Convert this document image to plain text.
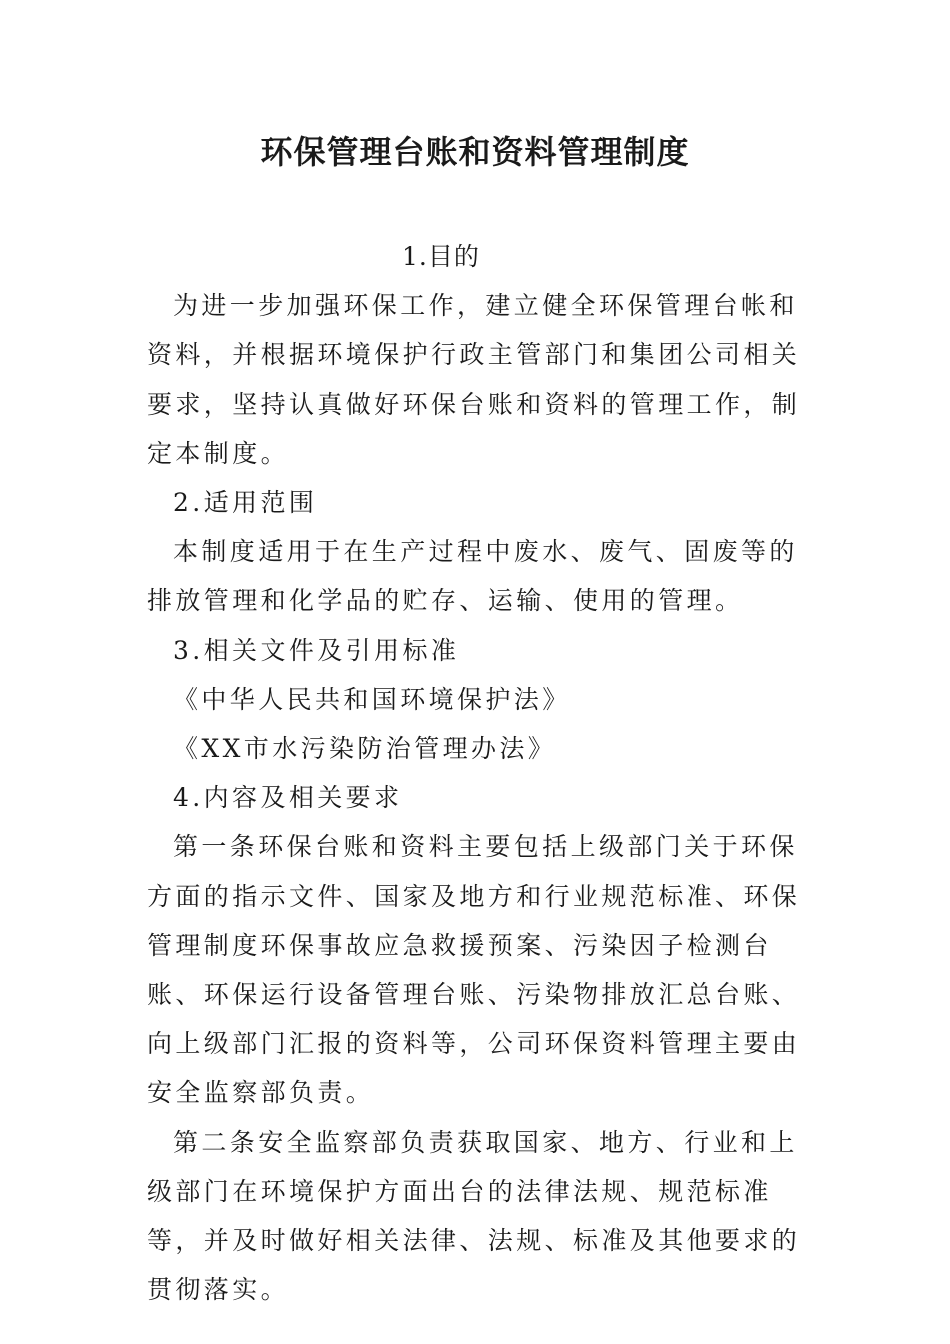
环保管理台账和资料管理制度

1.目的

为进一步加强环保工作，建立健全环保管理台帐和资料，并根据环境保护行政主管部门和集团公司相关要求，坚持认真做好环保台账和资料的管理工作，制定本制度。

2.适用范围

本制度适用于在生产过程中废水、废气、固废等的排放管理和化学品的贮存、运输、使用的管理。

3.相关文件及引用标准

《中华人民共和国环境保护法》

《XX市水污染防治管理办法》

4.内容及相关要求

第一条环保台账和资料主要包括上级部门关于环保方面的指示文件、国家及地方和行业规范标准、环保管理制度环保事故应急救援预案、污染因子检测台账、环保运行设备管理台账、污染物排放汇总台账、向上级部门汇报的资料等，公司环保资料管理主要由安全监察部负责。

第二条安全监察部负责获取国家、地方、行业和上级部门在环境保护方面出台的法律法规、规范标准等，并及时做好相关法律、法规、标准及其他要求的贯彻落实。
